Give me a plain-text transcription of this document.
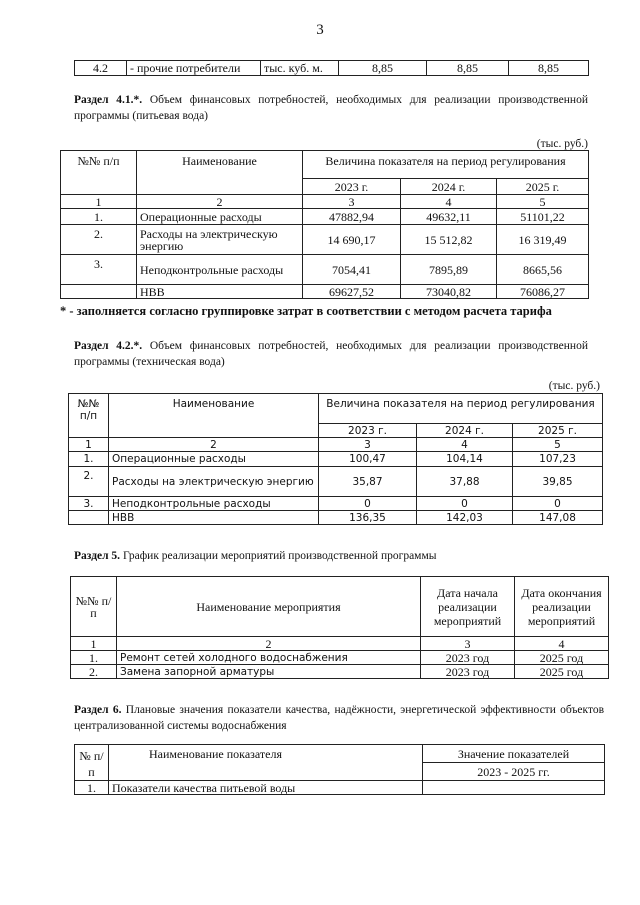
3
4.2	- прочие потребители	тыс. куб. м.	8,85	8,85	8,85
Раздел 4.1.*. Объем финансовых потребностей, необходимых для реализации производственной программы (питьевая вода)
(тыс. руб.)
№№ п/п	Наименование	Величина показателя на период регулирования		
		2023 г.	2024 г.	2025 г.
1	2	3	4	5
1.	Операционные расходы	47882,94	49632,11	51101,22
2.	Расходы на электрическую энергию	14 690,17	15 512,82	16 319,49
3.	Неподконтрольные расходы	7054,41	7895,89	8665,56
	НВВ	69627,52	73040,82	76086,27
* - заполняется согласно группировке затрат в соответствии с методом расчета тарифа
Раздел 4.2.*. Объем финансовых потребностей, необходимых для реализации производственной программы (техническая вода)
(тыс. руб.)
№№ п/п	Наименование	Величина показателя на период регулирования		
		2023 г.	2024 г.	2025 г.
1	2	3	4	5
1.	Операционные расходы	100,47	104,14	107,23
2.	Расходы на электрическую энергию	35,87	37,88	39,85
3.	Неподконтрольные расходы	0	0	0
	НВВ	136,35	142,03	147,08
Раздел 5. График реализации мероприятий производственной программы
№№ п/п	Наименование мероприятия	Дата начала реализации мероприятий	Дата окончания реализации мероприятий
1	2	3	4
1.	Ремонт сетей холодного водоснабжения	2023 год	2025 год
2.	Замена запорной арматуры	2023 год	2025 год
Раздел 6. Плановые значения показатели качества, надёжности, энергетической эффективности объектов централизованной системы водоснабжения
№ п/п	Наименование показателя	Значение показателей
		2023 - 2025 гг.
1.	Показатели качества питьевой воды	
